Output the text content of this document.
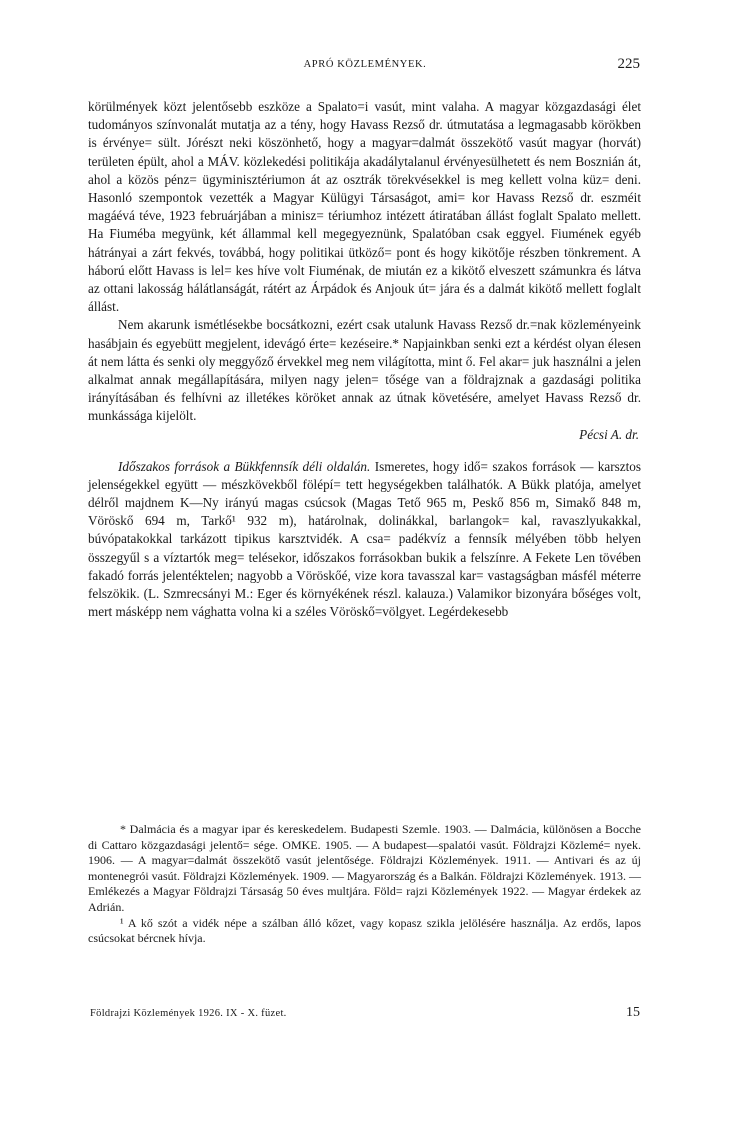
APRÓ KÖZLEMÉNYEK.	225

körülmények közt jelentősebb eszköze a Spalato=i vasút, mint valaha. A magyar közgazdasági élet tudományos színvonalát mutatja az a tény, hogy Havass Rezső dr. útmutatása a legmagasabb körökben is érvénye= sült. Jórészt neki köszönhető, hogy a magyar=dalmát összekötő vasút magyar (horvát) területen épült, ahol a MÁV. közlekedési politikája akadálytalanul érvényesülhetett és nem Bosznián át, ahol a közös pénz= ügyminisztériumon át az osztrák törekvésekkel is meg kellett volna küz= deni. Hasonló szempontok vezették a Magyar Külügyi Társaságot, ami= kor Havass Rezső dr. eszméit magáévá téve, 1923 februárjában a minisz= tériumhoz intézett átiratában állást foglalt Spalato mellett. Ha Fiuméba megyünk, két állammal kell megegyeznünk, Spalatóban csak eggyel. Fiumének egyéb hátrányai a zárt fekvés, továbbá, hogy politikai ütköző= pont és hogy kikötője részben tönkrement. A háború előtt Havass is lel= kes híve volt Fiuménak, de miután ez a kikötő elveszett számunkra és látva az ottani lakosság hálátlanságát, rátért az Árpádok és Anjouk út= jára és a dalmát kikötő mellett foglalt állást.

Nem akarunk ismétlésekbe bocsátkozni, ezért csak utalunk Havass Rezső dr.=nak közleményeink hasábjain és egyebütt megjelent, idevágó érte= kezéseire.* Napjainkban senki ezt a kérdést olyan élesen át nem látta és senki oly meggyőző érvekkel meg nem világította, mint ő. Fel akar= juk használni a jelen alkalmat annak megállapítására, milyen nagy jelen= tősége van a földrajznak a gazdasági politika irányításában és felhívni az illetékes köröket annak az útnak követésére, amelyet Havass Rezső dr. munkássága kijelölt.

Pécsi A. dr.

Időszakos források a Bükkfennsík déli oldalán. Ismeretes, hogy idő= szakos források — karsztos jelenségekkel együtt — mészkövekből fölépí= tett hegységekben találhatók. A Bükk platója, amelyet délről majdnem K—Ny irányú magas csúcsok (Magas Tető 965 m, Peskő 856 m, Simakő 848 m, Vöröskő 694 m, Tarkő¹ 932 m), határolnak, dolinákkal, barlangok= kal, ravaszlyukakkal, búvópatakokkal tarkázott tipikus karsztvidék. A csa= padékvíz a fennsík mélyében több helyen összegyűl s a víztartók meg= telésekor, időszakos forrásokban bukik a felszínre. A Fekete Len tövében fakadó forrás jelentéktelen; nagyobb a Vöröskőé, vize kora tavasszal kar= vastagságban másfél méterre felszökik. (L. Szmrecsányi M.: Eger és környékének részl. kalauza.) Valamikor bizonyára bőséges volt, mert másképp nem vághatta volna ki a széles Vöröskő=völgyet. Legérdekesebb

* Dalmácia és a magyar ipar és kereskedelem. Budapesti Szemle. 1903. — Dalmácia, különösen a Bocche di Cattaro közgazdasági jelentő= sége. OMKE. 1905. — A budapest—spalatói vasút. Földrajzi Közlemé= nyek. 1906. — A magyar=dalmát összekötő vasút jelentősége. Földrajzi Közlemények. 1911. — Antivari és az új montenegrói vasút. Földrajzi Közlemények. 1909. — Magyarország és a Balkán. Földrajzi Közlemények. 1913. — Emlékezés a Magyar Földrajzi Társaság 50 éves multjára. Föld= rajzi Közlemények 1922. — Magyar érdekek az Adrián.

¹ A kő szót a vidék népe a szálban álló kőzet, vagy kopasz szikla jelölésére használja. Az erdős, lapos csúcsokat bércnek hívja.

Földrajzi Közlemények 1926. IX - X. füzet.	15
